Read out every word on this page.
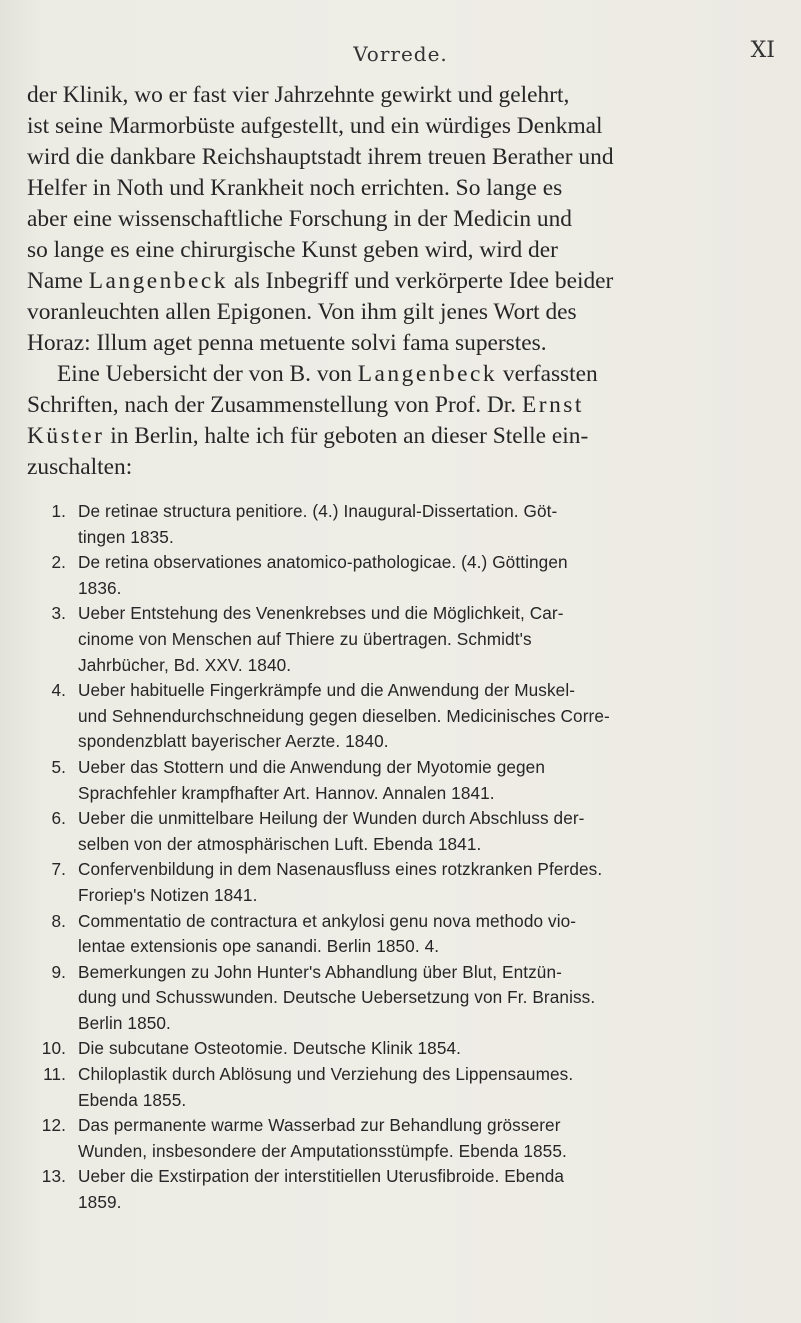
Vorrede.	XI

der Klinik, wo er fast vier Jahrzehnte gewirkt und gelehrt,
ist seine Marmorbüste aufgestellt, und ein würdiges Denkmal
wird die dankbare Reichshauptstadt ihrem treuen Berather und
Helfer in Noth und Krankheit noch errichten. So lange es
aber eine wissenschaftliche Forschung in der Medicin und
so lange es eine chirurgische Kunst geben wird, wird der
Name Langenbeck als Inbegriff und verkörperte Idee beider
voranleuchten allen Epigonen. Von ihm gilt jenes Wort des
Horaz: Illum aget penna metuente solvi fama superstes.

Eine Uebersicht der von B. von Langenbeck verfassten
Schriften, nach der Zusammenstellung von Prof. Dr. Ernst
Küster in Berlin, halte ich für geboten an dieser Stelle ein-
zuschalten:

1. De retinae structura penitiore. (4.) Inaugural-Dissertation. Göt-
tingen 1835.
2. De retina observationes anatomico-pathologicae. (4.) Göttingen
1836.
3. Ueber Entstehung des Venenkrebses und die Möglichkeit, Car-
cinome von Menschen auf Thiere zu übertragen. Schmidt's
Jahrbücher, Bd. XXV. 1840.
4. Ueber habituelle Fingerkrämpfe und die Anwendung der Muskel-
und Sehnendurchschneidung gegen dieselben. Medicinisches Corre-
spondenzblatt bayerischer Aerzte. 1840.
5. Ueber das Stottern und die Anwendung der Myotomie gegen
Sprachfehler krampfhafter Art. Hannov. Annalen 1841.
6. Ueber die unmittelbare Heilung der Wunden durch Abschluss der-
selben von der atmosphärischen Luft. Ebenda 1841.
7. Confervenbildung in dem Nasenausfluss eines rotzkranken Pferdes.
Froriep's Notizen 1841.
8. Commentatio de contractura et ankylosi genu nova methodo vio-
lentae extensionis ope sanandi. Berlin 1850. 4.
9. Bemerkungen zu John Hunter's Abhandlung über Blut, Entzün-
dung und Schusswunden. Deutsche Uebersetzung von Fr. Braniss.
Berlin 1850.
10. Die subcutane Osteotomie. Deutsche Klinik 1854.
11. Chiloplastik durch Ablösung und Verziehung des Lippensaumes.
Ebenda 1855.
12. Das permanente warme Wasserbad zur Behandlung grösserer
Wunden, insbesondere der Amputationsstümpfe. Ebenda 1855.
13. Ueber die Exstirpation der interstitiellen Uterusfibroide. Ebenda
1859.
